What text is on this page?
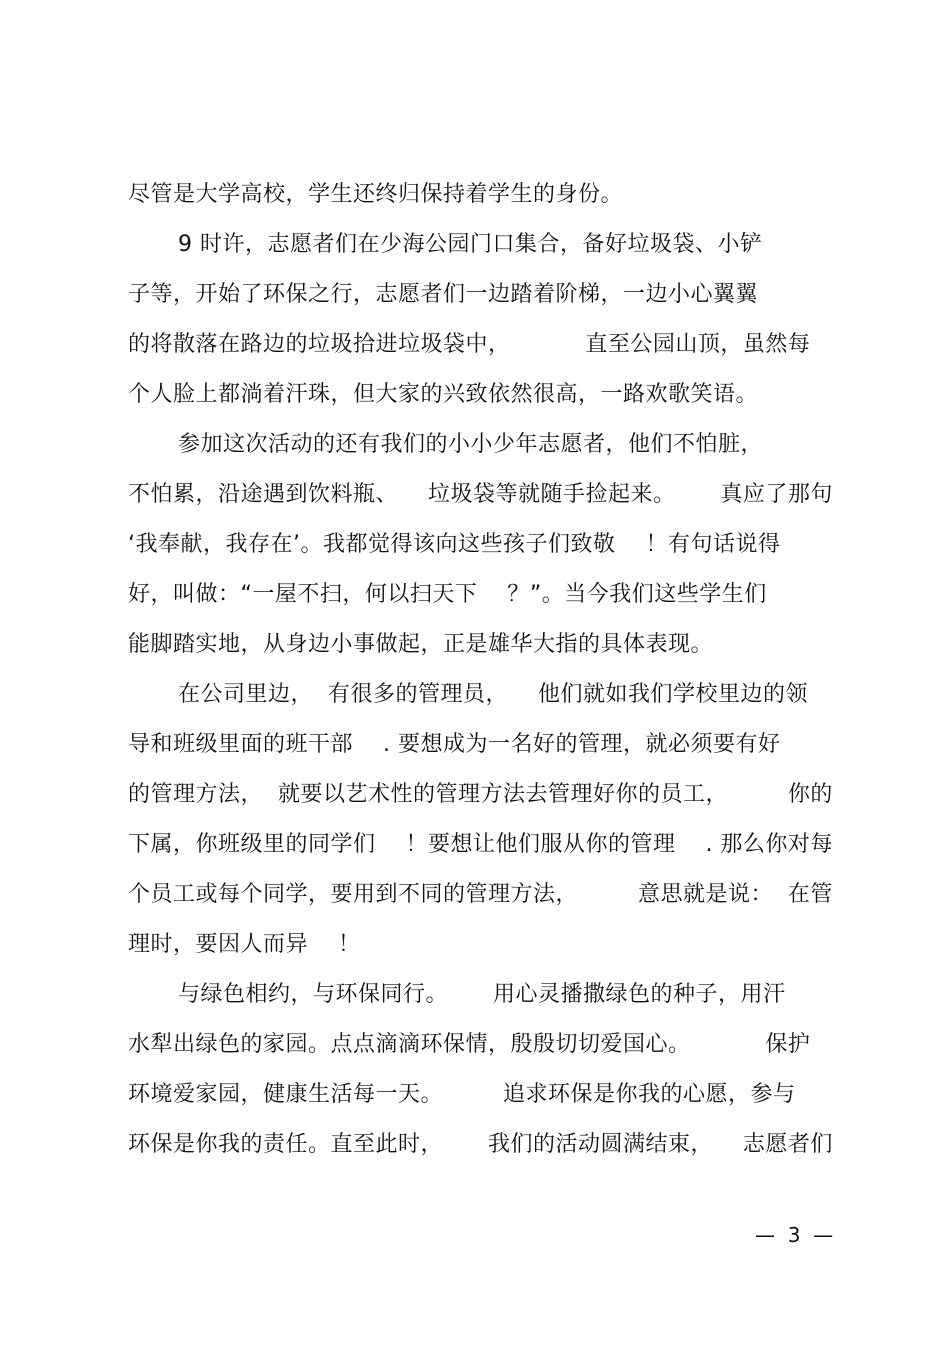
尽管是大学高校，学生还终归保持着学生的身份。
9 时许，志愿者们在少海公园门口集合，备好垃圾袋、小铲
子等，开始了环保之行，志愿者们一边踏着阶梯，一边小心翼翼
的将散落在路边的垃圾拾进垃圾袋中，          直至公园山顶，虽然每
个人脸上都淌着汗珠，但大家的兴致依然很高，一路欢歌笑语。
参加这次活动的还有我们的小小少年志愿者，他们不怕脏，
不怕累，沿途遇到饮料瓶、    垃圾袋等就随手捡起来。      真应了那句
‘我奉献，我存在’。我都觉得该向这些孩子们致敬    ！有句话说得
好，叫做：“一屋不扫，何以扫天下    ？”。当今我们这些学生们
能脚踏实地，从身边小事做起，正是雄华大指的具体表现。
在公司里边，  有很多的管理员，    他们就如我们学校里边的领
导和班级里面的班干部    . 要想成为一名好的管理，就必须要有好
的管理方法，  就要以艺术性的管理方法去管理好你的员工，        你的
下属，你班级里的同学们    ！要想让他们服从你的管理    . 那么你对每
个员工或每个同学，要用到不同的管理方法，        意思就是说：  在管
理时，要因人而异    ！
与绿色相约，与环保同行。      用心灵播撒绿色的种子，用汗
水犁出绿色的家园。点点滴滴环保情，殷殷切切爱国心。          保护
环境爱家园，健康生活每一天。        追求环保是你我的心愿，参与
环保是你我的责任。直至此时，      我们的活动圆满结束，    志愿者们
—  3  —
